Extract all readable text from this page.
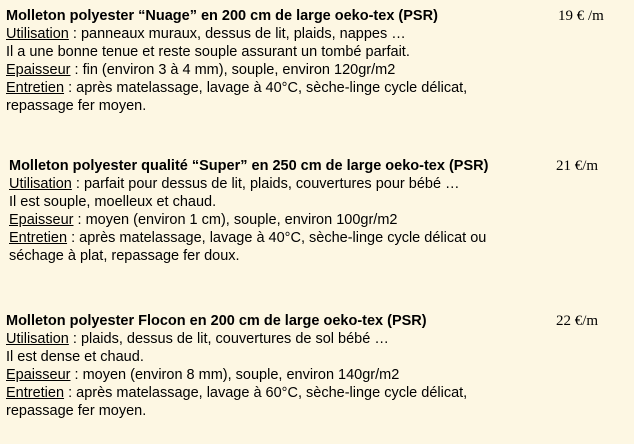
Molleton polyester “Nuage” en 200 cm de large oeko-tex (PSR)
Utilisation : panneaux muraux, dessus de lit, plaids, nappes …
Il a une bonne tenue et reste souple assurant un tombé parfait.
Epaisseur : fin (environ 3 à 4 mm), souple, environ 120gr/m2
Entretien : après matelassage, lavage à 40°C, sèche-linge cycle délicat,
repassage fer moyen.
19 € /m
Molleton polyester qualité “Super” en 250 cm de large oeko-tex (PSR)
Utilisation : parfait pour dessus de lit, plaids, couvertures pour bébé …
Il est souple, moelleux et chaud.
Epaisseur : moyen (environ 1 cm), souple, environ 100gr/m2
Entretien : après matelassage, lavage à 40°C, sèche-linge cycle délicat ou
séchage à plat, repassage fer doux.
21 €/m
Molleton polyester Flocon en 200 cm de large oeko-tex (PSR)
Utilisation : plaids, dessus de lit, couvertures de sol bébé …
Il est dense et chaud.
Epaisseur : moyen (environ 8 mm), souple, environ 140gr/m2
Entretien : après matelassage, lavage à 60°C, sèche-linge cycle délicat,
repassage fer moyen.
22 €/m
